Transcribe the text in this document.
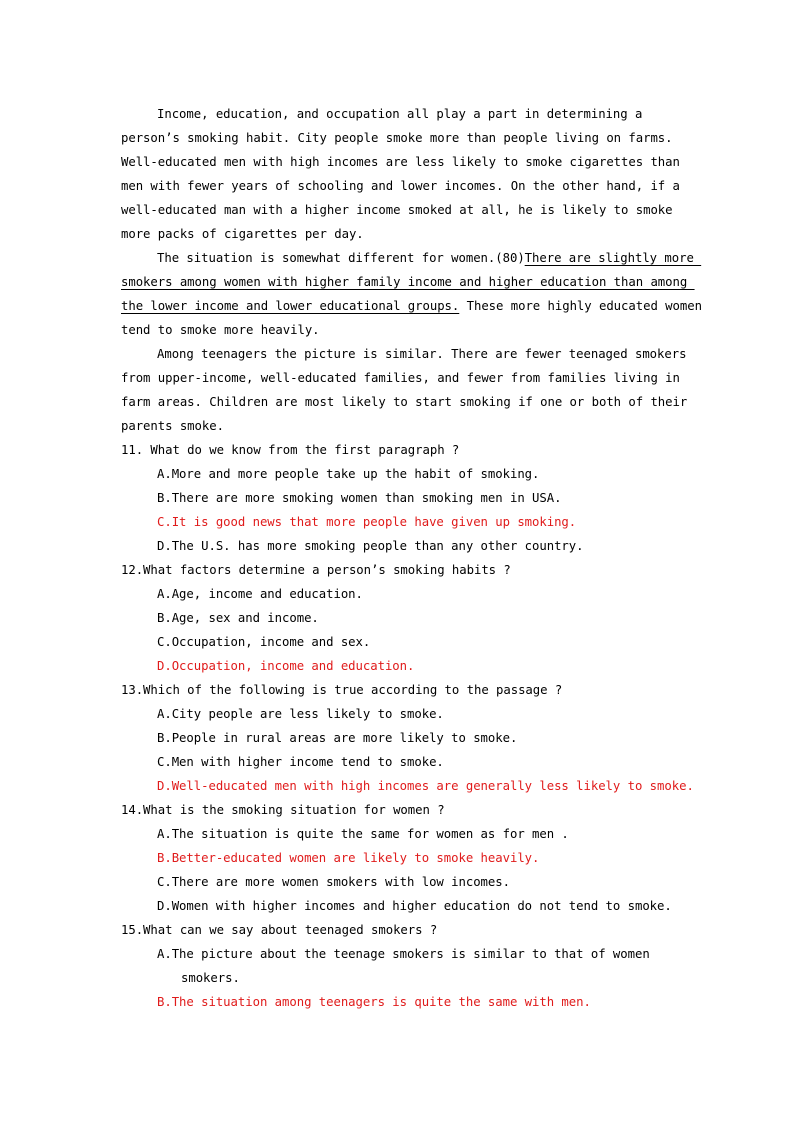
Income, education, and occupation all play a part in determining a
person’s smoking habit. City people smoke more than people living on farms.
Well-educated men with high incomes are less likely to smoke cigarettes than
men with fewer years of schooling and lower incomes. On the other hand, if a
well-educated man with a higher income smoked at all, he is likely to smoke
more packs of cigarettes per day.
The situation is somewhat different for women.(80)There are slightly more
smokers among women with higher family income and higher education than among
the lower income and lower educational groups. These more highly educated women
tend to smoke more heavily.
Among teenagers the picture is similar. There are fewer teenaged smokers
from upper-income, well-educated families, and fewer from families living in
farm areas. Children are most likely to start smoking if one or both of their
parents smoke.
11. What do we know from the first paragraph ?
A.More and more people take up the habit of smoking.
B.There are more smoking women than smoking men in USA.
C.It is good news that more people have given up smoking.
D.The U.S. has more smoking people than any other country.
12.What factors determine a person’s smoking habits ?
A.Age, income and education.
B.Age, sex and income.
C.Occupation, income and sex.
D.Occupation, income and education.
13.Which of the following is true according to the passage ?
A.City people are less likely to smoke.
B.People in rural areas are more likely to smoke.
C.Men with higher income tend to smoke.
D.Well-educated men with high incomes are generally less likely to smoke.
14.What is the smoking situation for women ?
A.The situation is quite the same for women as for men .
B.Better-educated women are likely to smoke heavily.
C.There are more women smokers with low incomes.
D.Women with higher incomes and higher education do not tend to smoke.
15.What can we say about teenaged smokers ?
A.The picture about the teenage smokers is similar to that of women
smokers.
B.The situation among teenagers is quite the same with men.
